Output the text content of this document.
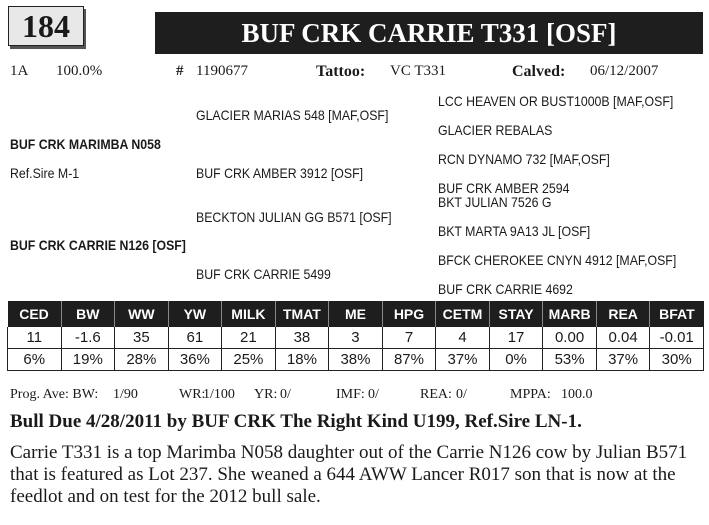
184	BUF CRK CARRIE T331 [OSF]
1A 100.0%	# 1190677	Tattoo: VC T331	Calved: 06/12/2007
GLACIER MARIAS 548 [MAF,OSF]
LCC HEAVEN OR BUST1000B [MAF,OSF]
GLACIER REBALAS
BUF CRK MARIMBA N058
Ref.Sire M-1
RCN DYNAMO 732 [MAF,OSF]
BUF CRK AMBER 3912 [OSF]
BUF CRK AMBER 2594
BKT JULIAN 7526 G
BECKTON JULIAN GG B571 [OSF]
BKT MARTA 9A13 JL [OSF]
BUF CRK CARRIE N126 [OSF]
BFCK CHEROKEE CNYN 4912 [MAF,OSF]
BUF CRK CARRIE 5499
BUF CRK CARRIE 4692
CED	BW	WW	YW	MILK	TMAT	ME	HPG	CETM	STAY	MARB	REA	BFAT
11	-1.6	35	61	21	38	3	7	4	17	0.00	0.04	-0.01
6%	19%	28%	36%	25%	18%	38%	87%	37%	0%	53%	37%	30%
Prog. Ave: BW: 1/90	WR:
1/100 YR: 0/	IMF: 0/	REA: 0/	MPPA: 100.0
Bull Due 4/28/2011 by BUF CRK The Right Kind U199, Ref.Sire LN-1.
Carrie T331 is a top Marimba N058 daughter out of the Carrie N126 cow by Julian B571 that is featured as Lot 237. She weaned a 644 AWW Lancer R017 son that is now at the feedlot and on test for the 2012 bull sale.
